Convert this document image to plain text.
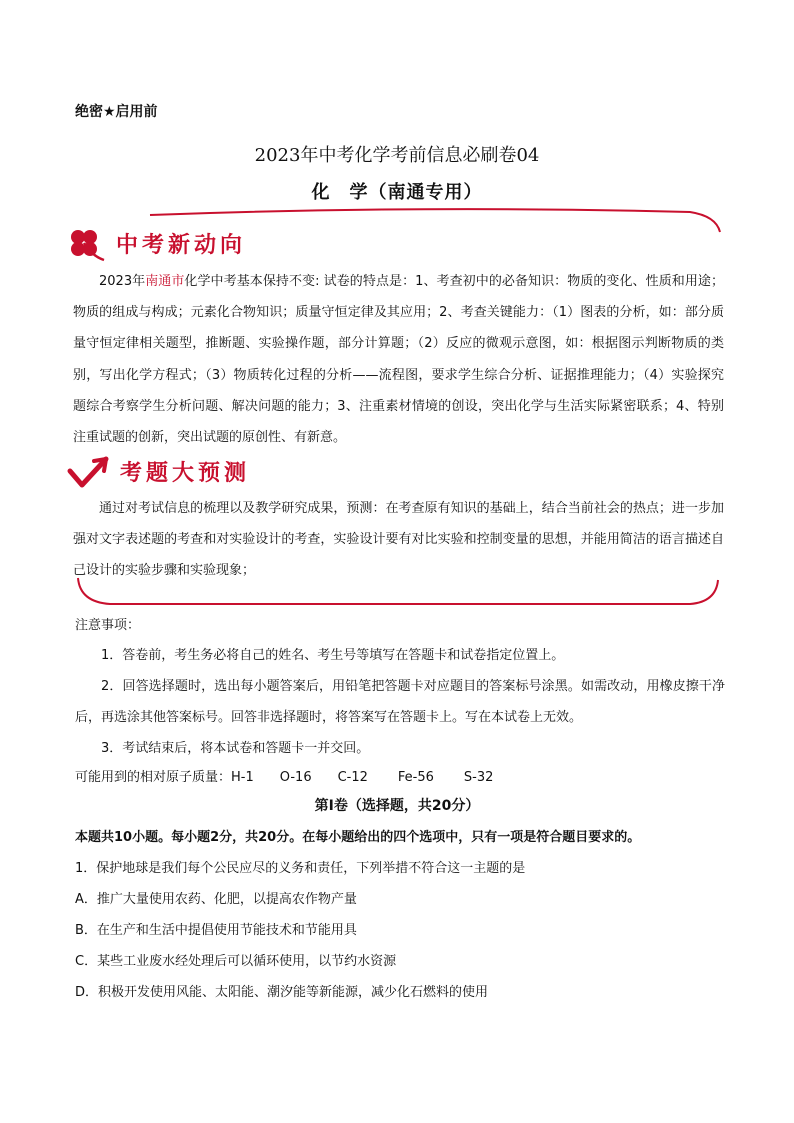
绝密★启用前
2023年中考化学考前信息必刷卷04
化　学（南通专用）
中考新动向
2023年南通市化学中考基本保持不变: 试卷的特点是：1、考查初中的必备知识：物质的变化、性质和用途；物质的组成与构成；元素化合物知识；质量守恒定律及其应用；2、考查关键能力：（1）图表的分析，如：部分质量守恒定律相关题型，推断题、实验操作题，部分计算题；（2）反应的微观示意图，如：根据图示判断物质的类别，写出化学方程式；（3）物质转化过程的分析——流程图，要求学生综合分析、证据推理能力；（4）实验探究题综合考察学生分析问题、解决问题的能力；3、注重素材情境的创设，突出化学与生活实际紧密联系；4、特别注重试题的创新，突出试题的原创性、有新意。
考题大预测
通过对考试信息的梳理以及教学研究成果，预测：在考查原有知识的基础上，结合当前社会的热点；进一步加强对文字表述题的考查和对实验设计的考查，实验设计要有对比实验和控制变量的思想，并能用简洁的语言描述自己设计的实验步骤和实验现象；
注意事项：
1．答卷前，考生务必将自己的姓名、考生号等填写在答题卡和试卷指定位置上。
2．回答选择题时，选出每小题答案后，用铅笔把答题卡对应题目的答案标号涂黑。如需改动，用橡皮擦干净后，再选涂其他答案标号。回答非选择题时，将答案写在答题卡上。写在本试卷上无效。
3．考试结束后，将本试卷和答题卡一并交回。
可能用到的相对原子质量：H-1 O-16 C-12 Fe-56 S-32
第Ⅰ卷（选择题，共20分）
本题共10小题。每小题2分，共20分。在每小题给出的四个选项中，只有一项是符合题目要求的。
1．保护地球是我们每个公民应尽的义务和责任，下列举措不符合这一主题的是
A．推广大量使用农药、化肥，以提高农作物产量
B．在生产和生活中提倡使用节能技术和节能用具
C．某些工业废水经处理后可以循环使用，以节约水资源
D．积极开发使用风能、太阳能、潮汐能等新能源，减少化石燃料的使用
